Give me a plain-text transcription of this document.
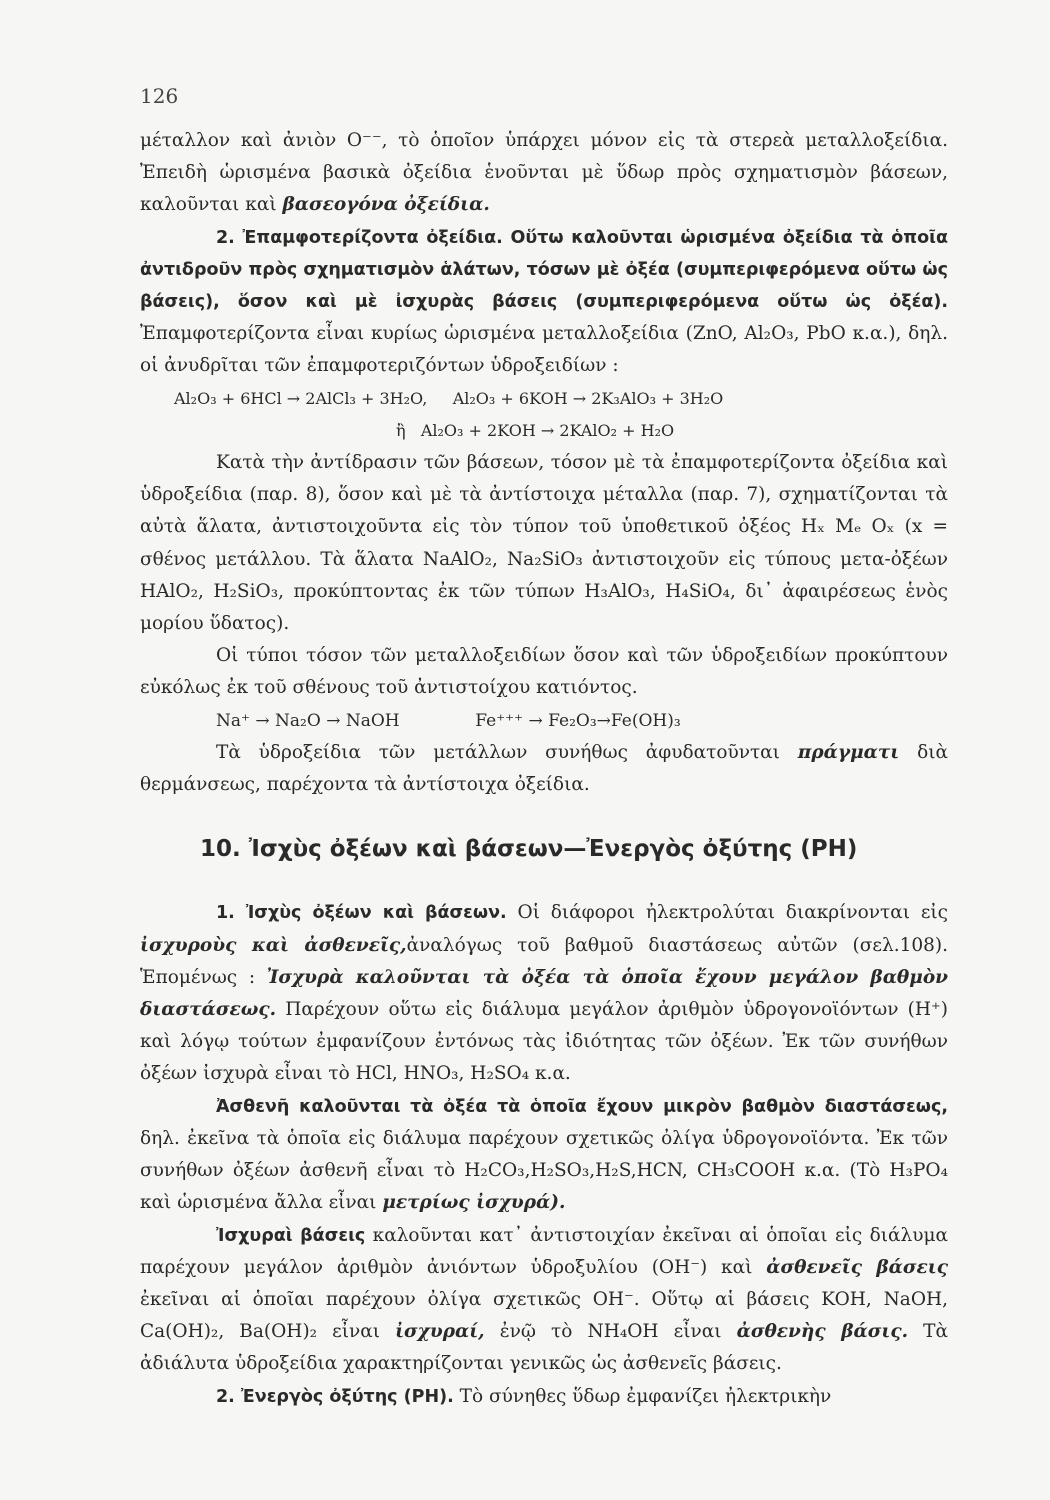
126

μέταλλον καὶ ἀνιὸν O⁻⁻, τὸ ὁποῖον ὑπάρχει μόνον εἰς τὰ στερεὰ μεταλλοξείδια. Ἐπειδὴ ὡρισμένα βασικὰ ὀξείδια ἑνοῦνται μὲ ὕδωρ πρὸς σχηματισμὸν βάσεων, καλοῦνται καὶ βασεογόνα ὀξείδια.

2. Ἐπαμφοτερίζοντα ὀξείδια. Οὕτω καλοῦνται ὡρισμένα ὀξείδια τὰ ὁποῖα ἀντιδροῦν πρὸς σχηματισμὸν ἁλάτων, τόσων μὲ ὀξέα (συμπεριφερόμενα οὕτω ὡς βάσεις), ὅσον καὶ μὲ ἰσχυρὰς βάσεις (συμπεριφερόμενα οὕτω ὡς ὀξέα). Ἐπαμφοτερίζοντα εἶναι κυρίως ὡρισμένα μεταλλοξείδια (ZnO, Al₂O₃, PbO κ.α.), δηλ. οἱ ἀνυδρῖται τῶν ἐπαμφοτεριζόντων ὑδροξειδίων :

Al₂O₃ + 6HCl → 2AlCl₃ + 3H₂O,     Al₂O₃ + 6KOH → 2K₃AlO₃ + 3H₂O

ἢ   Al₂O₃ + 2KOH → 2KAlO₂ + H₂O

Κατὰ τὴν ἀντίδρασιν τῶν βάσεων, τόσον μὲ τὰ ἐπαμφοτερίζοντα ὀξείδια καὶ ὑδροξείδια (παρ. 8), ὅσον καὶ μὲ τὰ ἀντίστοιχα μέταλλα (παρ. 7), σχηματίζονται τὰ αὐτὰ ἅλατα, ἀντιστοιχοῦντα εἰς τὸν τύπον τοῦ ὑποθετικοῦ ὀξέος Hₓ Mₑ Oₓ (x = σθένος μετάλλου. Τὰ ἅλατα NaAlO₂, Na₂SiO₃ ἀντιστοιχοῦν εἰς τύπους μετα-ὀξέων HAlO₂, H₂SiO₃, προκύπτοντας ἐκ τῶν τύπων H₃AlO₃, H₄SiO₄, δι᾽ ἀφαιρέσεως ἑνὸς μορίου ὕδατος).

Οἱ τύποι τόσον τῶν μεταλλοξειδίων ὅσον καὶ τῶν ὑδροξειδίων προκύπτουν εὐκόλως ἐκ τοῦ σθένους τοῦ ἀντιστοίχου κατιόντος.

Na⁺ → Na₂O → NaOH              Fe⁺⁺⁺ → Fe₂O₃→Fe(OH)₃

Τὰ ὑδροξείδια τῶν μετάλλων συνήθως ἀφυδατοῦνται πράγματι διὰ θερμάνσεως, παρέχοντα τὰ ἀντίστοιχα ὀξείδια.

10. Ἰσχὺς ὀξέων καὶ βάσεων—Ἐνεργὸς ὀξύτης (PH)

1. Ἰσχὺς ὀξέων καὶ βάσεων. Οἱ διάφοροι ἠλεκτρολύται διακρίνονται εἰς ἰσχυροὺς καὶ ἀσθενεῖς,ἀναλόγως τοῦ βαθμοῦ διαστάσεως αὐτῶν (σελ.108). Ἑπομένως : Ἰσχυρὰ καλοῦνται τὰ ὀξέα τὰ ὁποῖα ἔχουν μεγάλον βαθμὸν διαστάσεως. Παρέχουν οὕτω εἰς διάλυμα μεγάλον ἀριθμὸν ὑδρογονοϊόντων (H⁺) καὶ λόγῳ τούτων ἐμφανίζουν ἐντόνως τὰς ἰδιότητας τῶν ὀξέων. Ἐκ τῶν συνήθων ὀξέων ἰσχυρὰ εἶναι τὸ HCl, HNO₃, H₂SO₄ κ.α.

Ἀσθενῆ καλοῦνται τὰ ὀξέα τὰ ὁποῖα ἔχουν μικρὸν βαθμὸν διαστάσεως, δηλ. ἐκεῖνα τὰ ὁποῖα εἰς διάλυμα παρέχουν σχετικῶς ὀλίγα ὑδρογονοϊόντα. Ἐκ τῶν συνήθων ὀξέων ἀσθενῆ εἶναι τὸ H₂CO₃,H₂SO₃,H₂S,HCN, CH₃COOH κ.α. (Τὸ H₃PO₄ καὶ ὡρισμένα ἄλλα εἶναι μετρίως ἰσχυρά).

Ἰσχυραὶ βάσεις καλοῦνται κατ᾽ ἀντιστοιχίαν ἐκεῖναι αἱ ὁποῖαι εἰς διάλυμα παρέχουν μεγάλον ἀριθμὸν ἀνιόντων ὑδροξυλίου (OH⁻) καὶ ἀσθενεῖς βάσεις ἐκεῖναι αἱ ὁποῖαι παρέχουν ὀλίγα σχετικῶς OH⁻. Οὕτῳ αἱ βάσεις KOH, NaOH, Ca(OH)₂, Ba(OH)₂ εἶναι ἰσχυραί, ἐνῷ τὸ NH₄OH εἶναι ἀσθενὴς βάσις. Τὰ ἀδιάλυτα ὑδροξείδια χαρακτηρίζονται γενικῶς ὡς ἀσθενεῖς βάσεις.

2. Ἐνεργὸς ὀξύτης (PH). Τὸ σύνηθες ὕδωρ ἐμφανίζει ἠλεκτρικὴν
